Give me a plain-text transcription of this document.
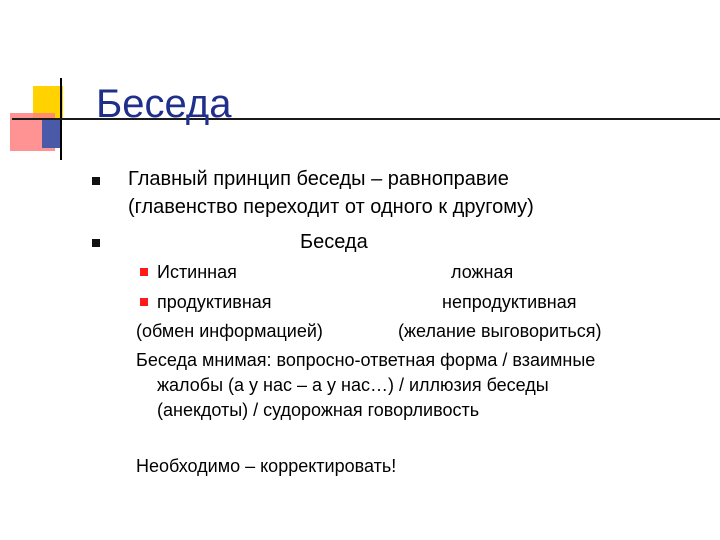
Беседа
Главный принцип беседы – равноправие
(главенство переходит от одного к другому)
Беседа
Истинная	ложная
продуктивная	непродуктивная
(обмен информацией)	(желание выговориться)
Беседа мнимая: вопросно-ответная форма / взаимные
жалобы (а у нас – а у нас…) / иллюзия беседы
(анекдоты) / судорожная говорливость
Необходимо – корректировать!
